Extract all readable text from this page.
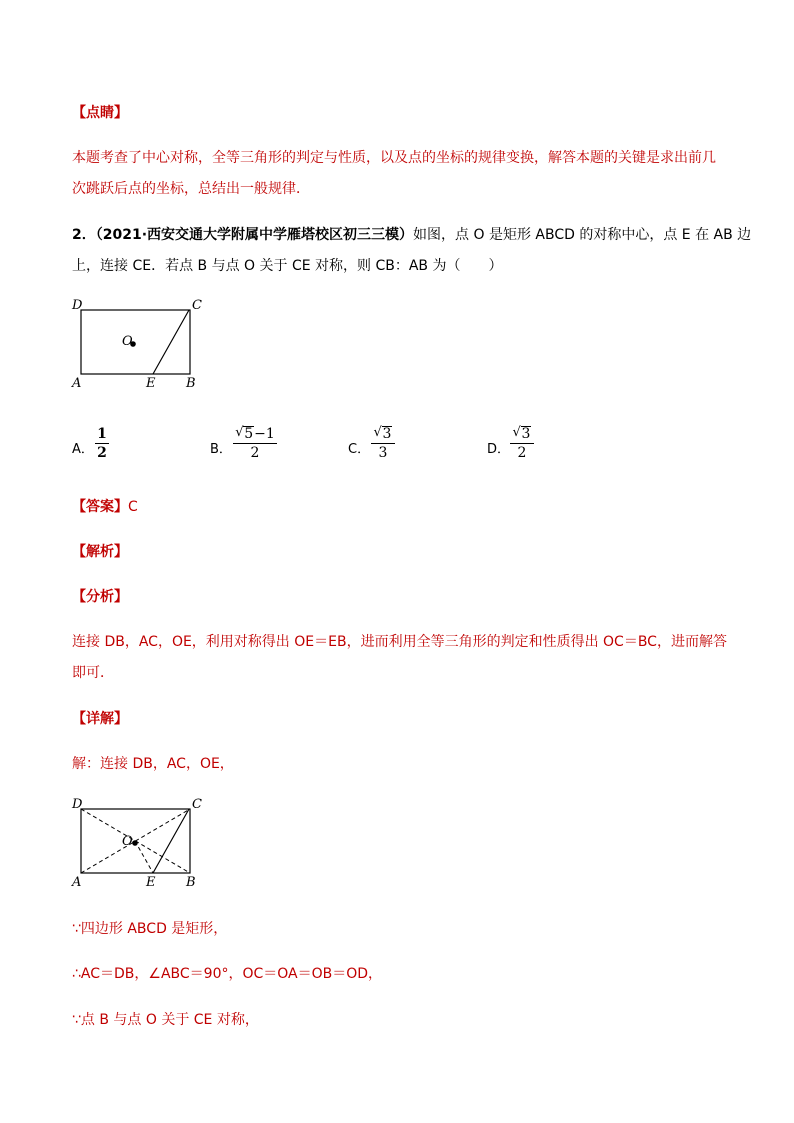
【点睛】
本题考查了中心对称，全等三角形的判定与性质，以及点的坐标的规律变换，解答本题的关键是求出前几
次跳跃后点的坐标，总结出一般规律．
2．（2021·西安交通大学附属中学雁塔校区初三三模）如图，点 O 是矩形 ABCD 的对称中心，点 E 在 AB 边
上，连接 CE．若点 B 与点 O 关于 CE 对称，则 CB：AB 为（　　）
D	C
O
A	E B
A．
1
2	B．
√ 5−1
2	C．
√ 3
3	D．
√ 3
2
【答案】C
【解析】
【分析】
连接 DB，AC，OE，利用对称得出 OE＝EB，进而利用全等三角形的判定和性质得出 OC＝BC，进而解答
即可．
【详解】
解：连接 DB，AC，OE，
D	C
O
A	E B
∵四边形 ABCD 是矩形，
∴AC＝DB，∠ABC＝90°，OC＝OA＝OB＝OD，
∵点 B 与点 O 关于 CE 对称，
